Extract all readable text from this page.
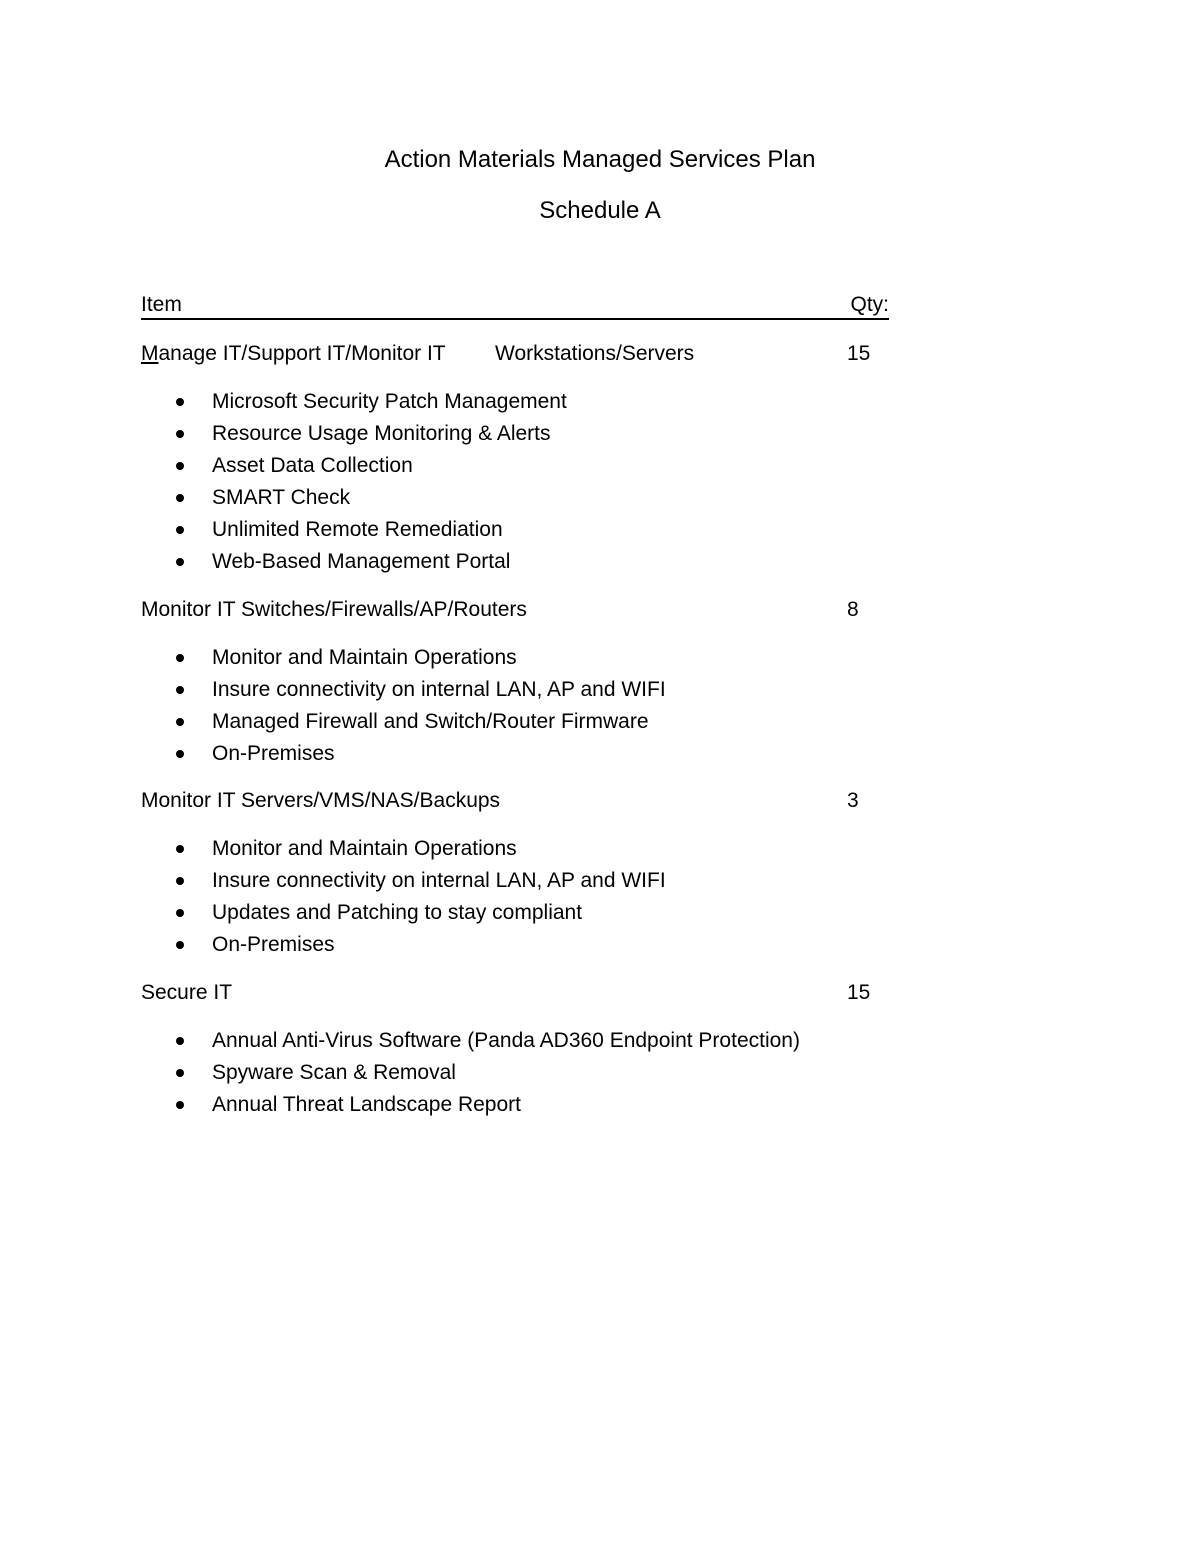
Action Materials Managed Services Plan
Schedule A
Item	Qty:
Manage IT/Support IT/Monitor IT Workstations/Servers	15
Microsoft Security Patch Management
Resource Usage Monitoring & Alerts
Asset Data Collection
SMART Check
Unlimited Remote Remediation
Web-Based Management Portal
Monitor IT Switches/Firewalls/AP/Routers	8
Monitor and Maintain Operations
Insure connectivity on internal LAN, AP and WIFI
Managed Firewall and Switch/Router Firmware
On-Premises
Monitor IT Servers/VMS/NAS/Backups	3
Monitor and Maintain Operations
Insure connectivity on internal LAN, AP and WIFI
Updates and Patching to stay compliant
On-Premises
Secure IT	15
Annual Anti-Virus Software (Panda AD360 Endpoint Protection)
Spyware Scan & Removal
Annual Threat Landscape Report
